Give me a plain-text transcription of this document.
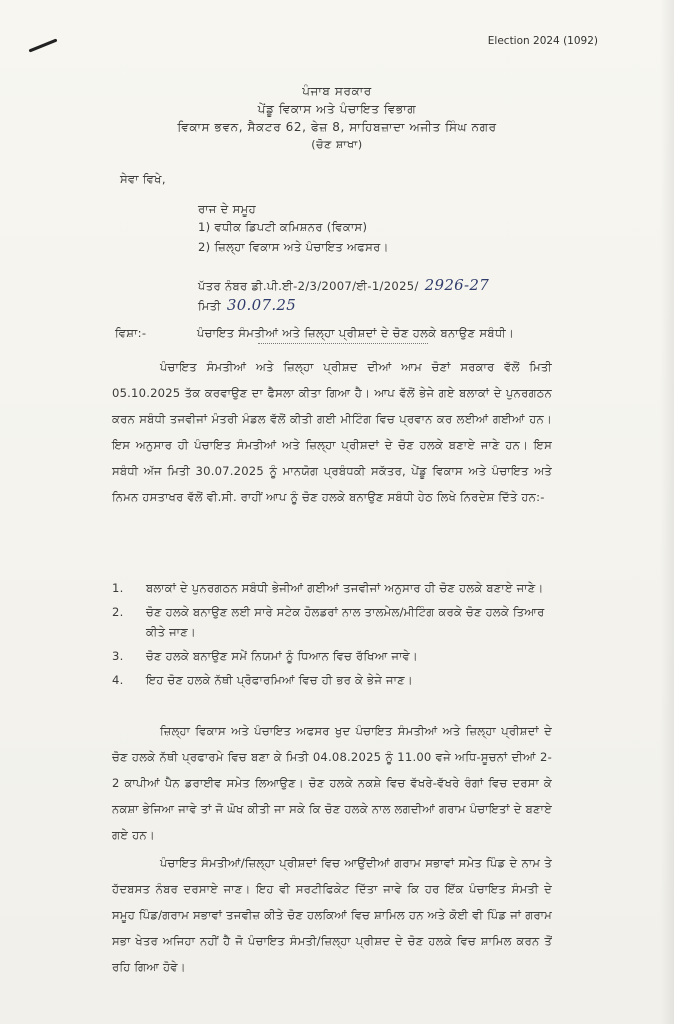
Election 2024 (1092)
ਪੰਜਾਬ ਸਰਕਾਰ
ਪੇਂਡੂ ਵਿਕਾਸ ਅਤੇ ਪੰਚਾਇਤ ਵਿਭਾਗ
ਵਿਕਾਸ ਭਵਨ, ਸੈਕਟਰ 62, ਫੇਜ਼ 8, ਸਾਹਿਬਜ਼ਾਦਾ ਅਜੀਤ ਸਿੰਘ ਨਗਰ
(ਚੋਣ ਸ਼ਾਖਾ)
ਸੇਵਾ ਵਿਖੇ,
ਰਾਜ ਦੇ ਸਮੂਹ
1) ਵਧੀਕ ਡਿਪਟੀ ਕਮਿਸ਼ਨਰ (ਵਿਕਾਸ)
2) ਜ਼ਿਲ੍ਹਾ ਵਿਕਾਸ ਅਤੇ ਪੰਚਾਇਤ ਅਫਸਰ।
ਪੱਤਰ ਨੰਬਰ ਡੀ.ਪੀ.ਈ-2/3/2007/ਈ-1/2025/ 2926-27
ਮਿਤੀ 30.07.25
ਵਿਸ਼ਾ:-	ਪੰਚਾਇਤ ਸੰਮਤੀਆਂ ਅਤੇ ਜ਼ਿਲ੍ਹਾ ਪ੍ਰੀਸ਼ਦਾਂ ਦੇ ਚੋਣ ਹਲਕੇ ਬਨਾਉਣ ਸਬੰਧੀ।
ਪੰਚਾਇਤ ਸੰਮਤੀਆਂ ਅਤੇ ਜ਼ਿਲ੍ਹਾ ਪ੍ਰੀਸ਼ਦ ਦੀਆਂ ਆਮ ਚੋਣਾਂ ਸਰਕਾਰ ਵੱਲੋਂ ਮਿਤੀ 05.10.2025 ਤੱਕ ਕਰਵਾਉਣ ਦਾ ਫੈਸਲਾ ਕੀਤਾ ਗਿਆ ਹੈ। ਆਪ ਵੱਲੋਂ ਭੇਜੇ ਗਏ ਬਲਾਕਾਂ ਦੇ ਪੁਨਰਗਠਨ ਕਰਨ ਸਬੰਧੀ ਤਜਵੀਜਾਂ ਮੰਤਰੀ ਮੰਡਲ ਵੱਲੋਂ ਕੀਤੀ ਗਈ ਮੀਟਿੰਗ ਵਿਚ ਪ੍ਰਵਾਨ ਕਰ ਲਈਆਂ ਗਈਆਂ ਹਨ। ਇਸ ਅਨੁਸਾਰ ਹੀ ਪੰਚਾਇਤ ਸੰਮਤੀਆਂ ਅਤੇ ਜ਼ਿਲ੍ਹਾ ਪ੍ਰੀਸ਼ਦਾਂ ਦੇ ਚੋਣ ਹਲਕੇ ਬਣਾਏ ਜਾਣੇ ਹਨ। ਇਸ ਸਬੰਧੀ ਅੱਜ ਮਿਤੀ 30.07.2025 ਨੂੰ ਮਾਨਯੋਗ ਪ੍ਰਬੰਧਕੀ ਸਕੱਤਰ, ਪੇਂਡੂ ਵਿਕਾਸ ਅਤੇ ਪੰਚਾਇਤ ਅਤੇ ਨਿਮਨ ਹਸਤਾਖਰ ਵੱਲੋਂ ਵੀ.ਸੀ. ਰਾਹੀਂ ਆਪ ਨੂੰ ਚੋਣ ਹਲਕੇ ਬਨਾਉਣ ਸਬੰਧੀ ਹੇਠ ਲਿਖੇ ਨਿਰਦੇਸ਼ ਦਿੱਤੇ ਹਨ:-
1.	ਬਲਾਕਾਂ ਦੇ ਪੁਨਰਗਠਨ ਸਬੰਧੀ ਭੇਜੀਆਂ ਗਈਆਂ ਤਜਵੀਜਾਂ ਅਨੁਸਾਰ ਹੀ ਚੋਣ ਹਲਕੇ ਬਣਾਏ ਜਾਣੇ।
2.	ਚੋਣ ਹਲਕੇ ਬਨਾਉਣ ਲਈ ਸਾਰੇ ਸਟੇਕ ਹੋਲਡਰਾਂ ਨਾਲ ਤਾਲਮੇਲ/ਮੀਟਿੰਗ ਕਰਕੇ ਚੋਣ ਹਲਕੇ ਤਿਆਰ ਕੀਤੇ ਜਾਣ।
3.	ਚੋਣ ਹਲਕੇ ਬਨਾਉਣ ਸਮੇਂ ਨਿਯਮਾਂ ਨੂੰ ਧਿਆਨ ਵਿਚ ਰੱਖਿਆ ਜਾਵੇ।
4.	ਇਹ ਚੋਣ ਹਲਕੇ ਨੱਥੀ ਪ੍ਰੋਫਾਰਮਿਆਂ ਵਿਚ ਹੀ ਭਰ ਕੇ ਭੇਜੇ ਜਾਣ।
ਜ਼ਿਲ੍ਹਾ ਵਿਕਾਸ ਅਤੇ ਪੰਚਾਇਤ ਅਫਸਰ ਖੁਦ ਪੰਚਾਇਤ ਸੰਮਤੀਆਂ ਅਤੇ ਜ਼ਿਲ੍ਹਾ ਪ੍ਰੀਸ਼ਦਾਂ ਦੇ ਚੋਣ ਹਲਕੇ ਨੱਥੀ ਪ੍ਰਫਾਰਮੇ ਵਿਚ ਬਣਾ ਕੇ ਮਿਤੀ 04.08.2025 ਨੂੰ 11.00 ਵਜੇ ਅਧਿ-ਸੂਚਨਾਂ ਦੀਆਂ 2-2 ਕਾਪੀਆਂ ਪੈਨ ਡਰਾਈਵ ਸਮੇਤ ਲਿਆਉਣ। ਚੋਣ ਹਲਕੇ ਨਕਸ਼ੇ ਵਿਚ ਵੱਖਰੇ-ਵੱਖਰੇ ਰੰਗਾਂ ਵਿਚ ਦਰਸਾ ਕੇ ਨਕਸ਼ਾ ਭੇਜਿਆ ਜਾਵੇ ਤਾਂ ਜੋ ਘੋਖ ਕੀਤੀ ਜਾ ਸਕੇ ਕਿ ਚੋਣ ਹਲਕੇ ਨਾਲ ਲਗਦੀਆਂ ਗਰਾਮ ਪੰਚਾਇਤਾਂ ਦੇ ਬਣਾਏ ਗਏ ਹਨ।
ਪੰਚਾਇਤ ਸੰਮਤੀਆਂ/ਜ਼ਿਲ੍ਹਾ ਪ੍ਰੀਸ਼ਦਾਂ ਵਿਚ ਆਉਂਦੀਆਂ ਗਰਾਮ ਸਭਾਵਾਂ ਸਮੇਤ ਪਿੰਡ ਦੇ ਨਾਮ ਤੇ ਹੱਦਬਸਤ ਨੰਬਰ ਦਰਸਾਏ ਜਾਣ। ਇਹ ਵੀ ਸਰਟੀਫਿਕੇਟ ਦਿੱਤਾ ਜਾਵੇ ਕਿ ਹਰ ਇੱਕ ਪੰਚਾਇਤ ਸੰਮਤੀ ਦੇ ਸਮੂਹ ਪਿੰਡ/ਗਰਾਮ ਸਭਾਵਾਂ ਤਜਵੀਜ਼ ਕੀਤੇ ਚੋਣ ਹਲਕਿਆਂ ਵਿਚ ਸ਼ਾਮਿਲ ਹਨ ਅਤੇ ਕੋਈ ਵੀ ਪਿੰਡ ਜਾਂ ਗਰਾਮ ਸਭਾ ਖੇਤਰ ਅਜਿਹਾ ਨਹੀਂ ਹੈ ਜੋ ਪੰਚਾਇਤ ਸੰਮਤੀ/ਜ਼ਿਲ੍ਹਾ ਪ੍ਰੀਸ਼ਦ ਦੇ ਚੋਣ ਹਲਕੇ ਵਿਚ ਸ਼ਾਮਿਲ ਕਰਨ ਤੋਂ ਰਹਿ ਗਿਆ ਹੋਵੇ।
